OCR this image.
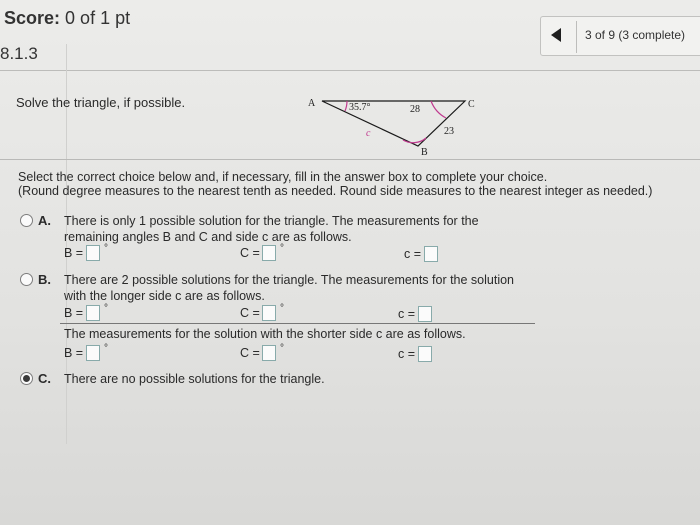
Score: 0 of 1 pt
3 of 9 (3 complete)
8.1.3
Solve the triangle, if possible.	A	C
B
35.7°	28
23
c
Select the correct choice below and, if necessary, fill in the answer box to complete your choice.
(Round degree measures to the nearest tenth as needed. Round side measures to the nearest integer as needed.)
A. There is only 1 possible solution for the triangle. The measurements for the
remaining angles B and C and side c are as follows.
B = °	C = °	c =
B. There are 2 possible solutions for the triangle. The measurements for the solution
with the longer side c are as follows.
B = °	C = °	c =
The measurements for the solution with the shorter side c are as follows.
B = °	C = °	c =
C. There are no possible solutions for the triangle.
